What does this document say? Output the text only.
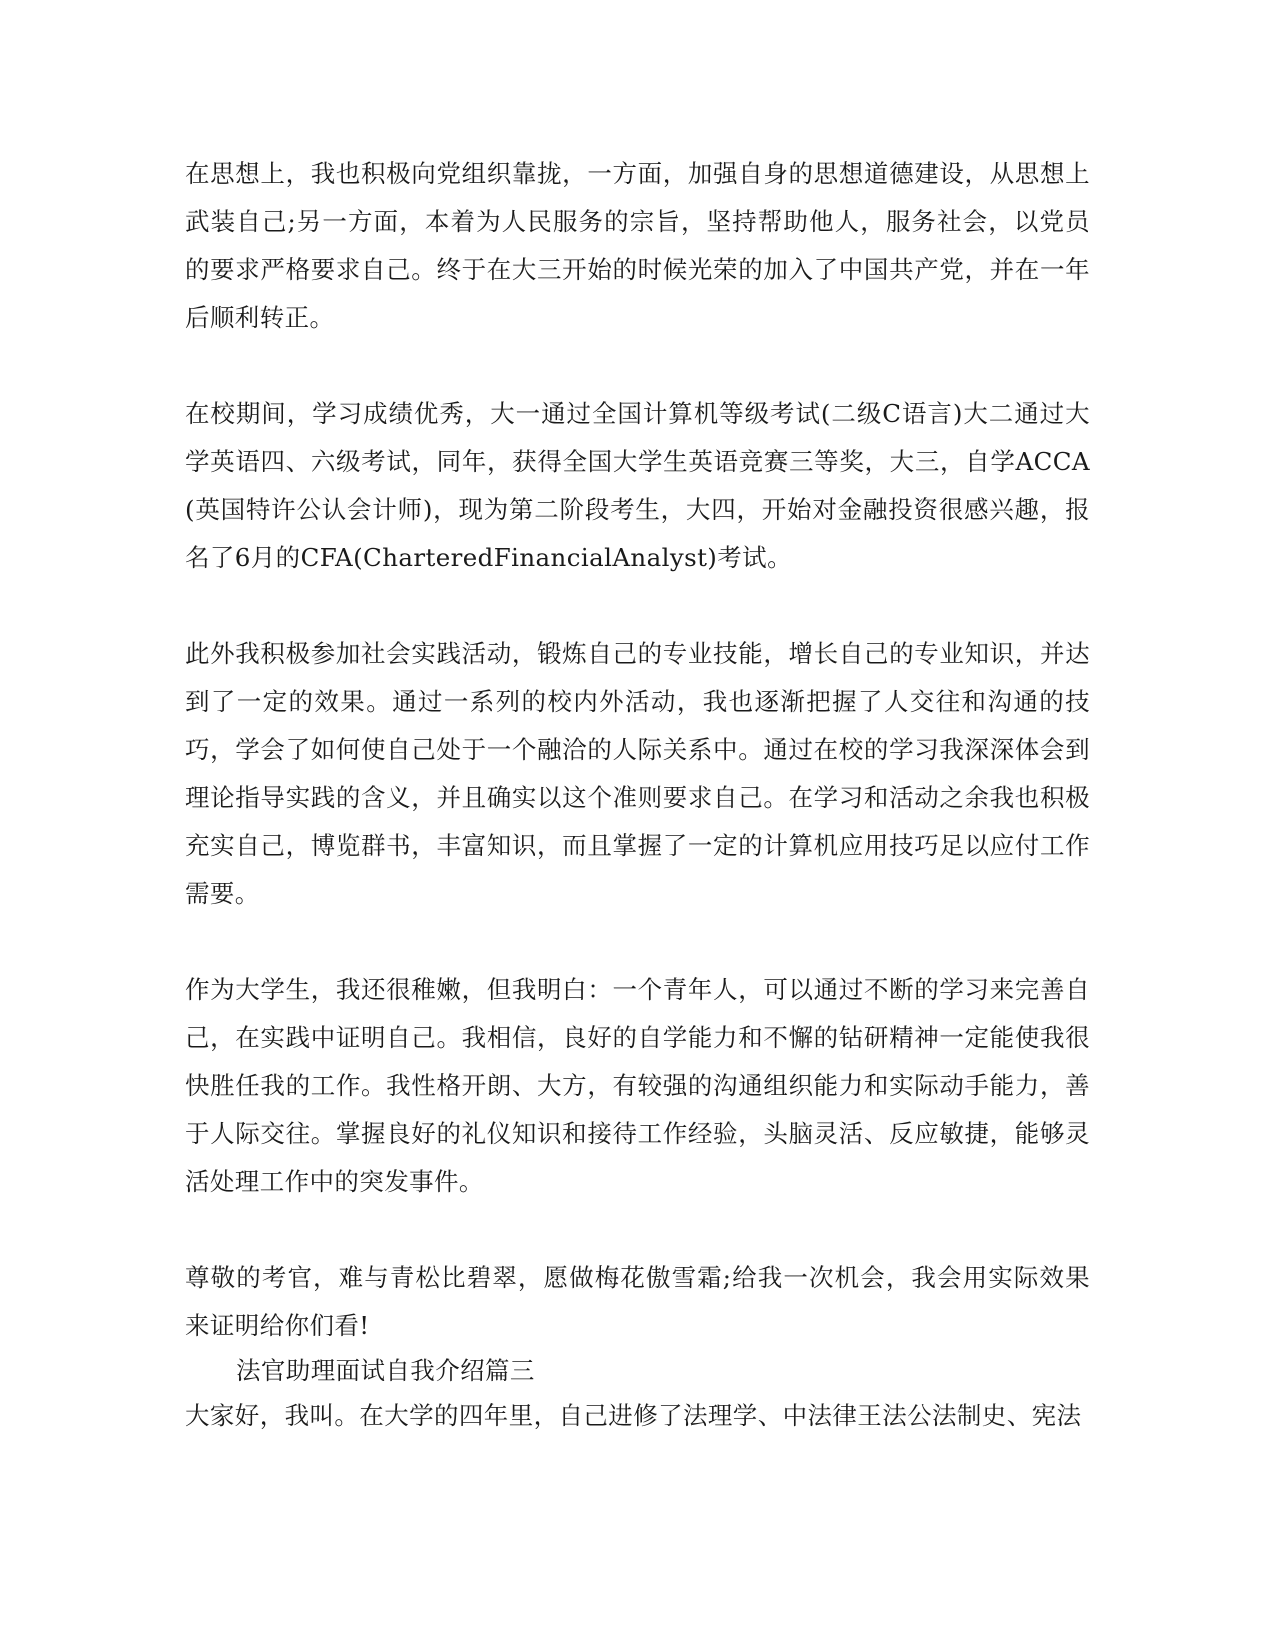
在思想上，我也积极向党组织靠拢，一方面，加强自身的思想道德建设，从思想上武装自己;另一方面，本着为人民服务的宗旨，坚持帮助他人，服务社会，以党员的要求严格要求自己。终于在大三开始的时候光荣的加入了中国共产党，并在一年后顺利转正。

在校期间，学习成绩优秀，大一通过全国计算机等级考试(二级C语言)大二通过大学英语四、六级考试，同年，获得全国大学生英语竞赛三等奖，大三，自学ACCA(英国特许公认会计师)，现为第二阶段考生，大四，开始对金融投资很感兴趣，报名了6月的CFA(CharteredFinancialAnalyst)考试。

此外我积极参加社会实践活动，锻炼自己的专业技能，增长自己的专业知识，并达到了一定的效果。通过一系列的校内外活动，我也逐渐把握了人交往和沟通的技巧，学会了如何使自己处于一个融洽的人际关系中。通过在校的学习我深深体会到理论指导实践的含义，并且确实以这个准则要求自己。在学习和活动之余我也积极充实自己，博览群书，丰富知识，而且掌握了一定的计算机应用技巧足以应付工作需要。

作为大学生，我还很稚嫩，但我明白：一个青年人，可以通过不断的学习来完善自己，在实践中证明自己。我相信，良好的自学能力和不懈的钻研精神一定能使我很快胜任我的工作。我性格开朗、大方，有较强的沟通组织能力和实际动手能力，善于人际交往。掌握良好的礼仪知识和接待工作经验，头脑灵活、反应敏捷，能够灵活处理工作中的突发事件。

尊敬的考官，难与青松比碧翠，愿做梅花傲雪霜;给我一次机会，我会用实际效果来证明给你们看!

法官助理面试自我介绍篇三

大家好，我叫。在大学的四年里，自己进修了法理学、中法律王法公法制史、宪法
